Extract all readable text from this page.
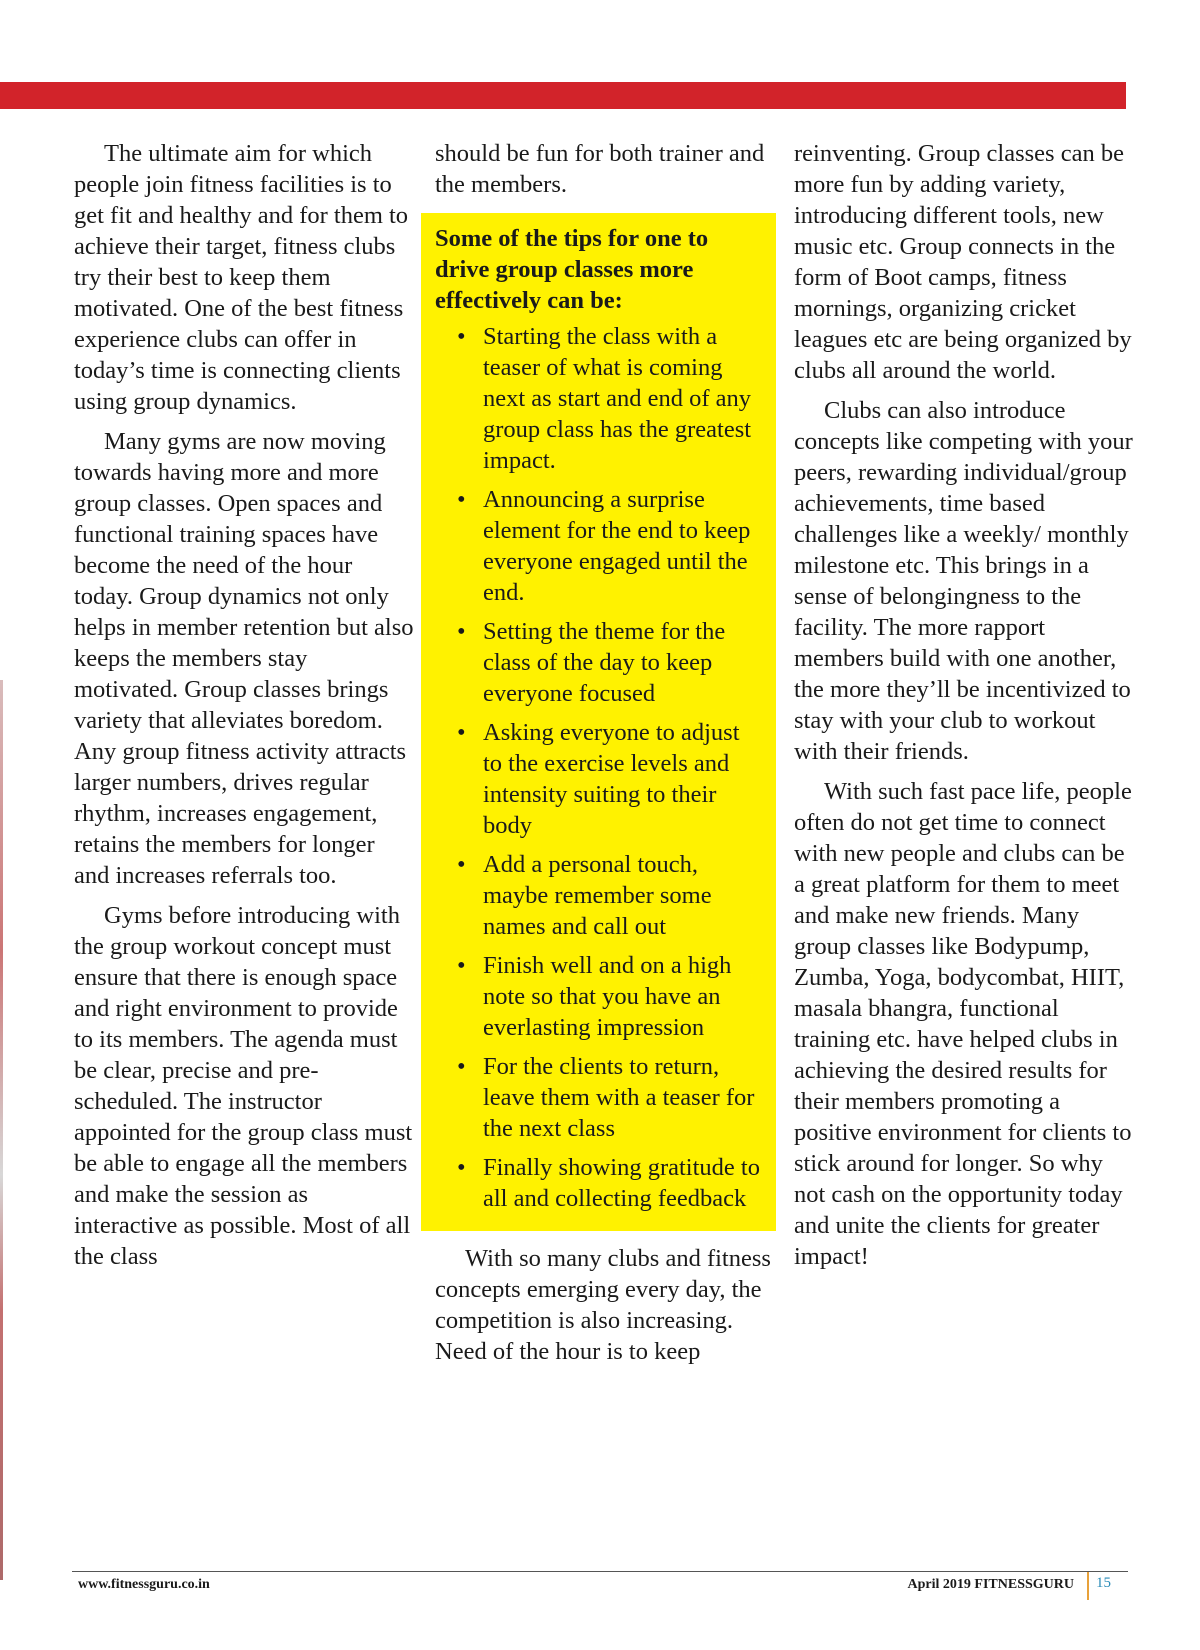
The ultimate aim for which people join fitness facilities is to get fit and healthy and for them to achieve their target, fitness clubs try their best to keep them motivated. One of the best fitness experience clubs can offer in today’s time is connecting clients using group dynamics.

Many gyms are now moving towards having more and more group classes. Open spaces and functional training spaces have become the need of the hour today. Group dynamics not only helps in member retention but also keeps the members stay motivated. Group classes brings variety that alleviates boredom. Any group fitness activity attracts larger numbers, drives regular rhythm, increases engagement, retains the members for longer and increases referrals too.

Gyms before introducing with the group workout concept must ensure that there is enough space and right environment to provide to its members. The agenda must be clear, precise and pre-scheduled. The instructor appointed for the group class must be able to engage all the members and make the session as interactive as possible. Most of all the class

should be fun for both trainer and the members.

Some of the tips for one to drive group classes more effectively can be:
• Starting the class with a teaser of what is coming next as start and end of any group class has the greatest impact.
• Announcing a surprise element for the end to keep everyone engaged until the end.
• Setting the theme for the class of the day to keep everyone focused
• Asking everyone to adjust to the exercise levels and intensity suiting to their body
• Add a personal touch, maybe remember some names and call out
• Finish well and on a high note so that you have an everlasting impression
• For the clients to return, leave them with a teaser for the next class
• Finally showing gratitude to all and collecting feedback

With so many clubs and fitness concepts emerging every day, the competition is also increasing. Need of the hour is to keep

reinventing. Group classes can be more fun by adding variety, introducing different tools, new music etc. Group connects in the form of Boot camps, fitness mornings, organizing cricket leagues etc are being organized by clubs all around the world.

Clubs can also introduce concepts like competing with your peers, rewarding individual/group achievements, time based challenges like a weekly/ monthly milestone etc. This brings in a sense of belongingness to the facility. The more rapport members build with one another, the more they’ll be incentivized to stay with your club to workout with their friends.

With such fast pace life, people often do not get time to connect with new people and clubs can be a great platform for them to meet and make new friends. Many group classes like Bodypump, Zumba, Yoga, bodycombat, HIIT, masala bhangra, functional training etc. have helped clubs in achieving the desired results for their members promoting a positive environment for clients to stick around for longer. So why not cash on the opportunity today and unite the clients for greater impact!

www.fitnessguru.co.in	April 2019 FITNESSGURU 15
